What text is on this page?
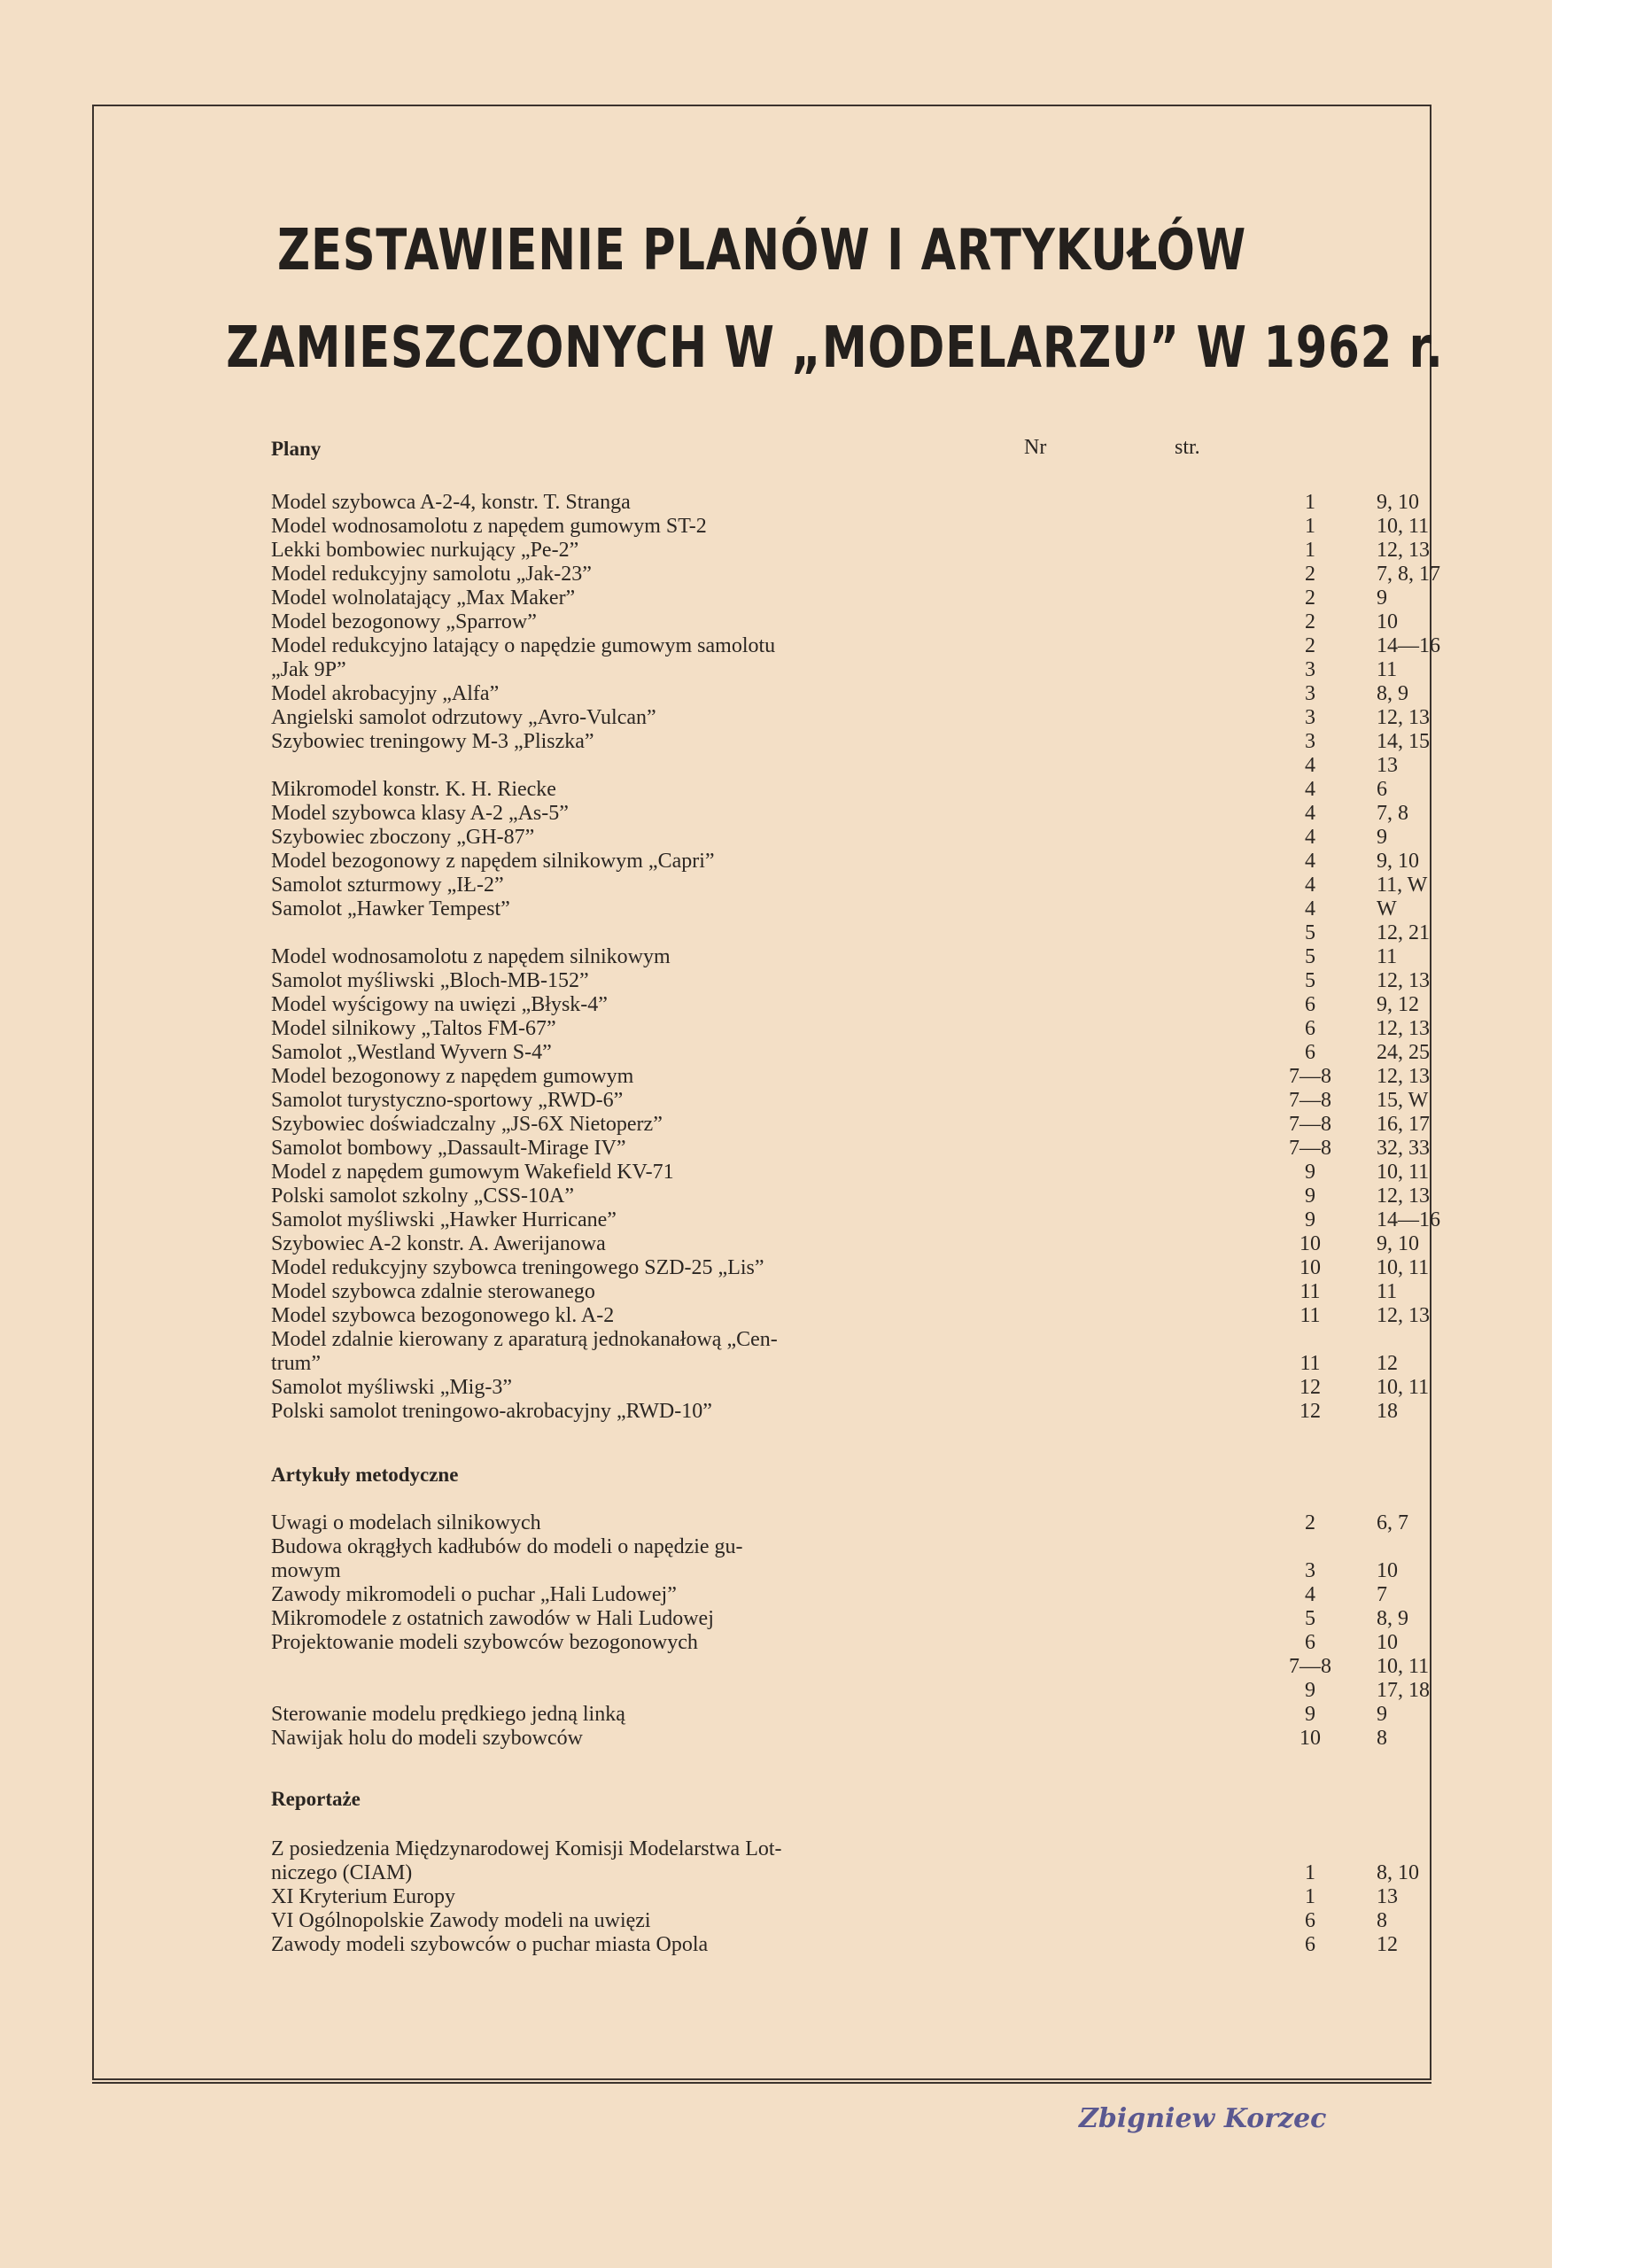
ZESTAWIENIE PLANÓW I ARTYKUŁÓW
ZAMIESZCZONYCH W „MODELARZU” W 1962 r.
Plany	Nr	str.
Model szybowca A-2-4, konstr. T. Stranga	1	9, 10
Model wodnosamolotu z napędem gumowym ST-2	1	10, 11
Lekki bombowiec nurkujący „Pe-2”	1	12, 13
Model redukcyjny samolotu „Jak-23”	2	7, 8, 17
Model wolnolatający „Max Maker”	2	9
Model bezogonowy „Sparrow”	2	10
Model redukcyjno latający o napędzie gumowym samolotu	2	14—16
„Jak 9P”	3	11
Model akrobacyjny „Alfa”	3	8, 9
Angielski samolot odrzutowy „Avro-Vulcan”	3	12, 13
Szybowiec treningowy M-3 „Pliszka”	3	14, 15
4	13
Mikromodel konstr. K. H. Riecke	4	6
Model szybowca klasy A-2 „As-5”	4	7, 8
Szybowiec zboczony „GH-87”	4	9
Model bezogonowy z napędem silnikowym „Capri”	4	9, 10
Samolot szturmowy „IŁ-2”	4	11, W
Samolot „Hawker Tempest”	4	W
5	12, 21
Model wodnosamolotu z napędem silnikowym	5	11
Samolot myśliwski „Bloch-MB-152”	5	12, 13
Model wyścigowy na uwięzi „Błysk-4”	6	9, 12
Model silnikowy „Taltos FM-67”	6	12, 13
Samolot „Westland Wyvern S-4”	6	24, 25
Model bezogonowy z napędem gumowym	7—8	12, 13
Samolot turystyczno-sportowy „RWD-6”	7—8	15, W
Szybowiec doświadczalny „JS-6X Nietoperz”	7—8	16, 17
Samolot bombowy „Dassault-Mirage IV”	7—8	32, 33
Model z napędem gumowym Wakefield KV-71	9	10, 11
Polski samolot szkolny „CSS-10A”	9	12, 13
Samolot myśliwski „Hawker Hurricane”	9	14—16
Szybowiec A-2 konstr. A. Awerijanowa	10	9, 10
Model redukcyjny szybowca treningowego SZD-25 „Lis”	10	10, 11
Model szybowca zdalnie sterowanego	11	11
Model szybowca bezogonowego kl. A-2	11	12, 13
Model zdalnie kierowany z aparaturą jednokanałową „Cen-
trum”	11	12
Samolot myśliwski „Mig-3”	12	10, 11
Polski samolot treningowo-akrobacyjny „RWD-10”	12	18
Artykuły metodyczne
Uwagi o modelach silnikowych	2	6, 7
Budowa okrągłych kadłubów do modeli o napędzie gu-
mowym	3	10
Zawody mikromodeli o puchar „Hali Ludowej”	4	7
Mikromodele z ostatnich zawodów w Hali Ludowej	5	8, 9
Projektowanie modeli szybowców bezogonowych	6	10
7—8	10, 11
9	17, 18
Sterowanie modelu prędkiego jedną linką	9	9
Nawijak holu do modeli szybowców	10	8
Reportaże
Z posiedzenia Międzynarodowej Komisji Modelarstwa Lot-
niczego (CIAM)	1	8, 10
XI Kryterium Europy	1	13
VI Ogólnopolskie Zawody modeli na uwięzi	6	8
Zawody modeli szybowców o puchar miasta Opola	6	12
Zbigniew Korzec
